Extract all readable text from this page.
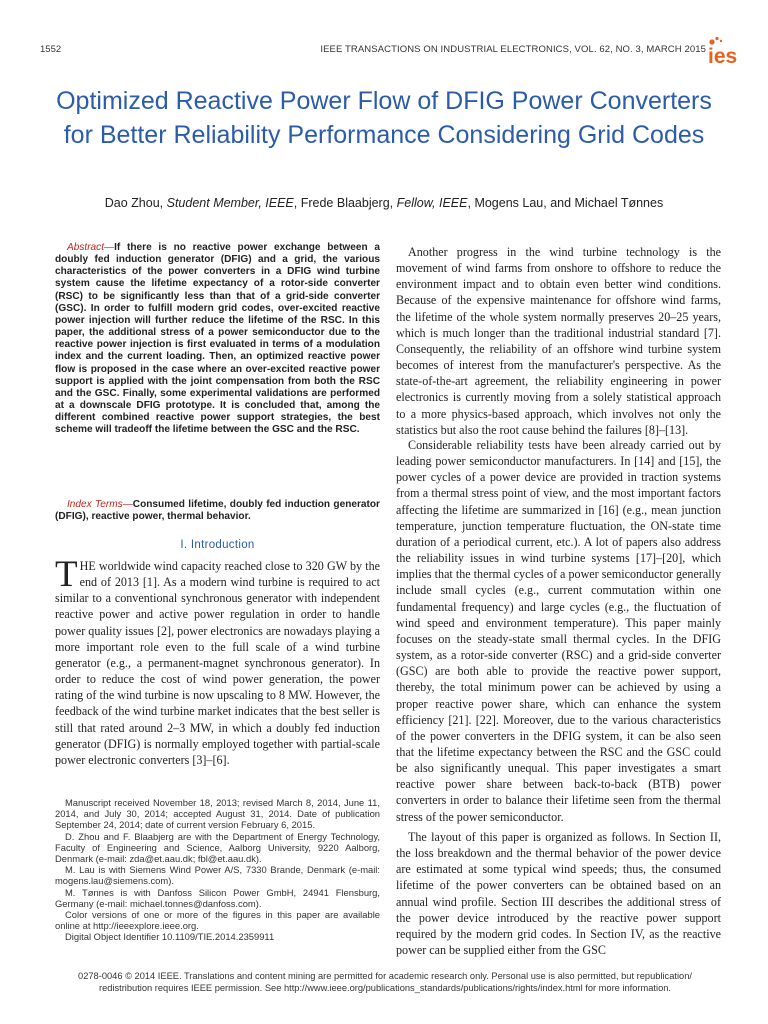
1552	IEEE TRANSACTIONS ON INDUSTRIAL ELECTRONICS, VOL. 62, NO. 3, MARCH 2015 ies
Optimized Reactive Power Flow of DFIG Power Converters for Better Reliability Performance Considering Grid Codes
Dao Zhou, Student Member, IEEE, Frede Blaabjerg, Fellow, IEEE, Mogens Lau, and Michael Tønnes
Abstract—If there is no reactive power exchange between a doubly fed induction generator (DFIG) and a grid, the various characteristics of the power converters in a DFIG wind turbine system cause the lifetime expectancy of a rotor-side converter (RSC) to be significantly less than that of a grid-side converter (GSC). In order to fulfill modern grid codes, over-excited reactive power injection will further reduce the lifetime of the RSC. In this paper, the additional stress of a power semiconductor due to the reactive power injection is first evaluated in terms of a modulation index and the current loading. Then, an optimized reactive power flow is proposed in the case where an over-excited reactive power support is applied with the joint compensation from both the RSC and the GSC. Finally, some experimental validations are performed at a downscale DFIG prototype. It is concluded that, among the different combined reactive power support strategies, the best scheme will tradeoff the lifetime between the GSC and the RSC.
Index Terms—Consumed lifetime, doubly fed induction generator (DFIG), reactive power, thermal behavior.
I. Introduction
THE worldwide wind capacity reached close to 320 GW by the end of 2013 [1]. As a modern wind turbine is required to act similar to a conventional synchronous generator with independent reactive power and active power regulation in order to handle power quality issues [2], power electronics are nowadays playing a more important role even to the full scale of a wind turbine generator (e.g., a permanent-magnet synchronous generator). In order to reduce the cost of wind power generation, the power rating of the wind turbine is now upscaling to 8 MW. However, the feedback of the wind turbine market indicates that the best seller is still that rated around 2–3 MW, in which a doubly fed induction generator (DFIG) is normally employed together with partial-scale power electronic converters [3]–[6].

Manuscript received November 18, 2013; revised March 8, 2014, June 11, 2014, and July 30, 2014; accepted August 31, 2014. Date of publication September 24, 2014; date of current version February 6, 2015.

D. Zhou and F. Blaabjerg are with the Department of Energy Technology, Faculty of Engineering and Science, Aalborg University, 9220 Aalborg, Denmark (e-mail: zda@et.aau.dk; fbl@et.aau.dk).

M. Lau is with Siemens Wind Power A/S, 7330 Brande, Denmark (e-mail: mogens.lau@siemens.com).

M. Tønnes is with Danfoss Silicon Power GmbH, 24941 Flensburg, Germany (e-mail: michael.tonnes@danfoss.com).

Color versions of one or more of the figures in this paper are available online at http://ieeexplore.ieee.org.

Digital Object Identifier 10.1109/TIE.2014.2359911

Another progress in the wind turbine technology is the movement of wind farms from onshore to offshore to reduce the environment impact and to obtain even better wind conditions. Because of the expensive maintenance for offshore wind farms, the lifetime of the whole system normally preserves 20–25 years, which is much longer than the traditional industrial standard [7]. Consequently, the reliability of an offshore wind turbine system becomes of interest from the manufacturer's perspective. As the state-of-the-art agreement, the reliability engineering in power electronics is currently moving from a solely statistical approach to a more physics-based approach, which involves not only the statistics but also the root cause behind the failures [8]–[13].

Considerable reliability tests have been already carried out by leading power semiconductor manufacturers. In [14] and [15], the power cycles of a power device are provided in traction systems from a thermal stress point of view, and the most important factors affecting the lifetime are summarized in [16] (e.g., mean junction temperature, junction temperature fluctuation, the ON-state time duration of a periodical current, etc.). A lot of papers also address the reliability issues in wind turbine systems [17]–[20], which implies that the thermal cycles of a power semiconductor generally include small cycles (e.g., current commutation within one fundamental frequency) and large cycles (e.g., the fluctuation of wind speed and environment temperature). This paper mainly focuses on the steady-state small thermal cycles. In the DFIG system, as a rotor-side converter (RSC) and a grid-side converter (GSC) are both able to provide the reactive power support, thereby, the total minimum power can be achieved by using a proper reactive power share, which can enhance the system efficiency [21]. [22]. Moreover, due to the various characteristics of the power converters in the DFIG system, it can be also seen that the lifetime expectancy between the RSC and the GSC could be also significantly unequal. This paper investigates a smart reactive power share between back-to-back (BTB) power converters in order to balance their lifetime seen from the thermal stress of the power semiconductor.

The layout of this paper is organized as follows. In Section II, the loss breakdown and the thermal behavior of the power device are estimated at some typical wind speeds; thus, the consumed lifetime of the power converters can be obtained based on an annual wind profile. Section III describes the additional stress of the power device introduced by the reactive power support required by the modern grid codes. In Section IV, as the reactive power can be supplied either from the GSC

0278-0046 © 2014 IEEE. Translations and content mining are permitted for academic research only. Personal use is also permitted, but republication/
redistribution requires IEEE permission. See http://www.ieee.org/publications_standards/publications/rights/index.html for more information.
